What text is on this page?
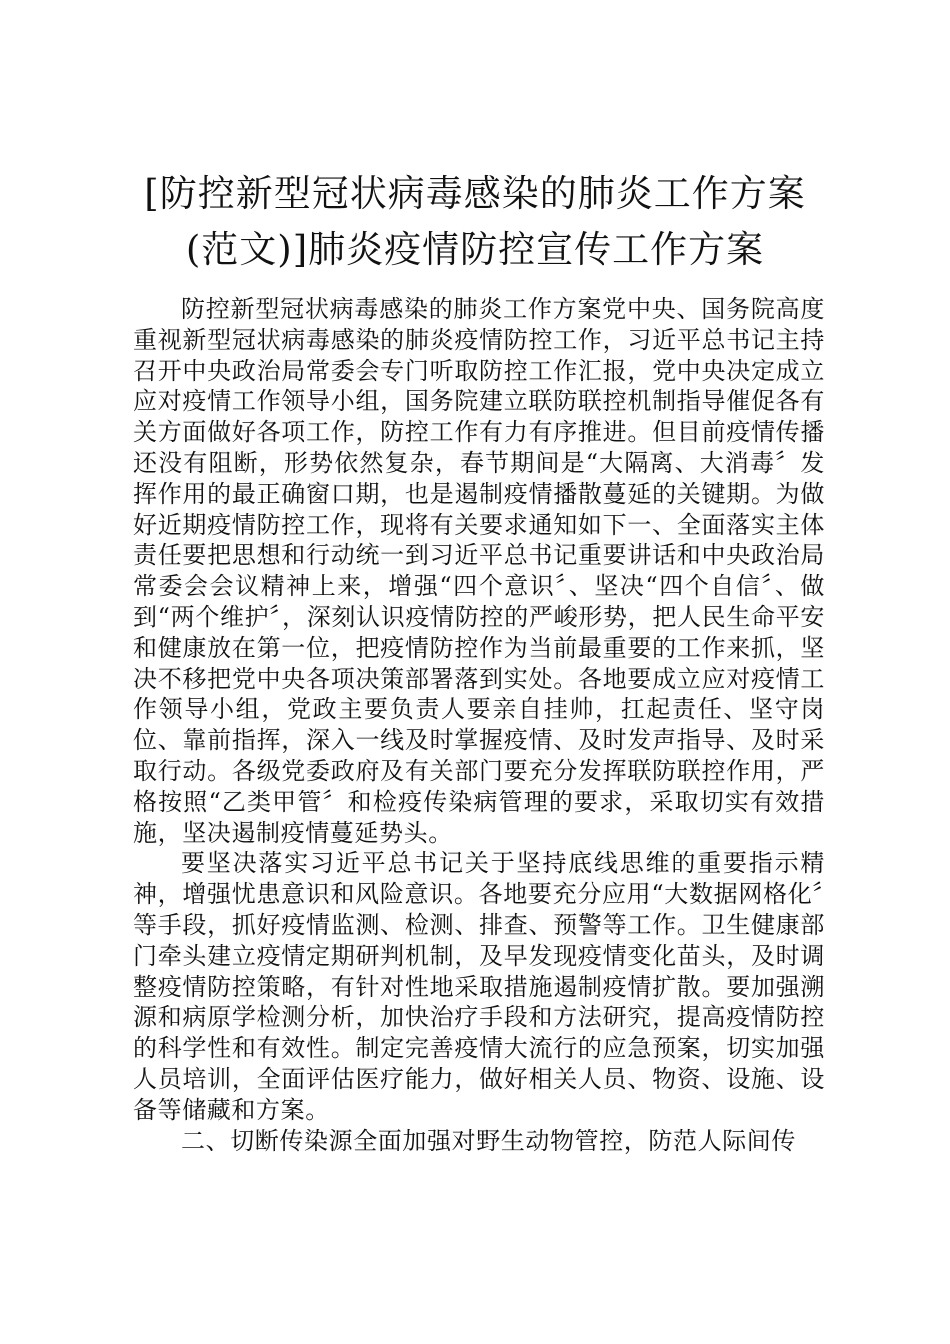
[防控新型冠状病毒感染的肺炎工作方案(范文)]肺炎疫情防控宣传工作方案

防控新型冠状病毒感染的肺炎工作方案党中央、国务院高度重视新型冠状病毒感染的肺炎疫情防控工作，习近平总书记主持召开中央政治局常委会专门听取防控工作汇报，党中央决定成立应对疫情工作领导小组，国务院建立联防联控机制指导催促各有关方面做好各项工作，防控工作有力有序推进。但目前疫情传播还没有阻断，形势依然复杂，春节期间是“大隔离、大消毒〞发挥作用的最正确窗口期，也是遏制疫情播散蔓延的关键期。为做好近期疫情防控工作，现将有关要求通知如下一、全面落实主体责任要把思想和行动统一到习近平总书记重要讲话和中央政治局常委会会议精神上来，增强“四个意识〞、坚决“四个自信〞、做到“两个维护〞，深刻认识疫情防控的严峻形势，把人民生命平安和健康放在第一位，把疫情防控作为当前最重要的工作来抓，坚决不移把党中央各项决策部署落到实处。各地要成立应对疫情工作领导小组，党政主要负责人要亲自挂帅，扛起责任、坚守岗位、靠前指挥，深入一线及时掌握疫情、及时发声指导、及时采取行动。各级党委政府及有关部门要充分发挥联防联控作用，严格按照“乙类甲管〞和检疫传染病管理的要求，采取切实有效措施，坚决遏制疫情蔓延势头。

要坚决落实习近平总书记关于坚持底线思维的重要指示精神，增强忧患意识和风险意识。各地要充分应用“大数据网格化〞等手段，抓好疫情监测、检测、排查、预警等工作。卫生健康部门牵头建立疫情定期研判机制，及早发现疫情变化苗头，及时调整疫情防控策略，有针对性地采取措施遏制疫情扩散。要加强溯源和病原学检测分析，加快治疗手段和方法研究，提高疫情防控的科学性和有效性。制定完善疫情大流行的应急预案，切实加强人员培训，全面评估医疗能力，做好相关人员、物资、设施、设备等储藏和方案。

二、切断传染源全面加强对野生动物管控，防范人际间传
